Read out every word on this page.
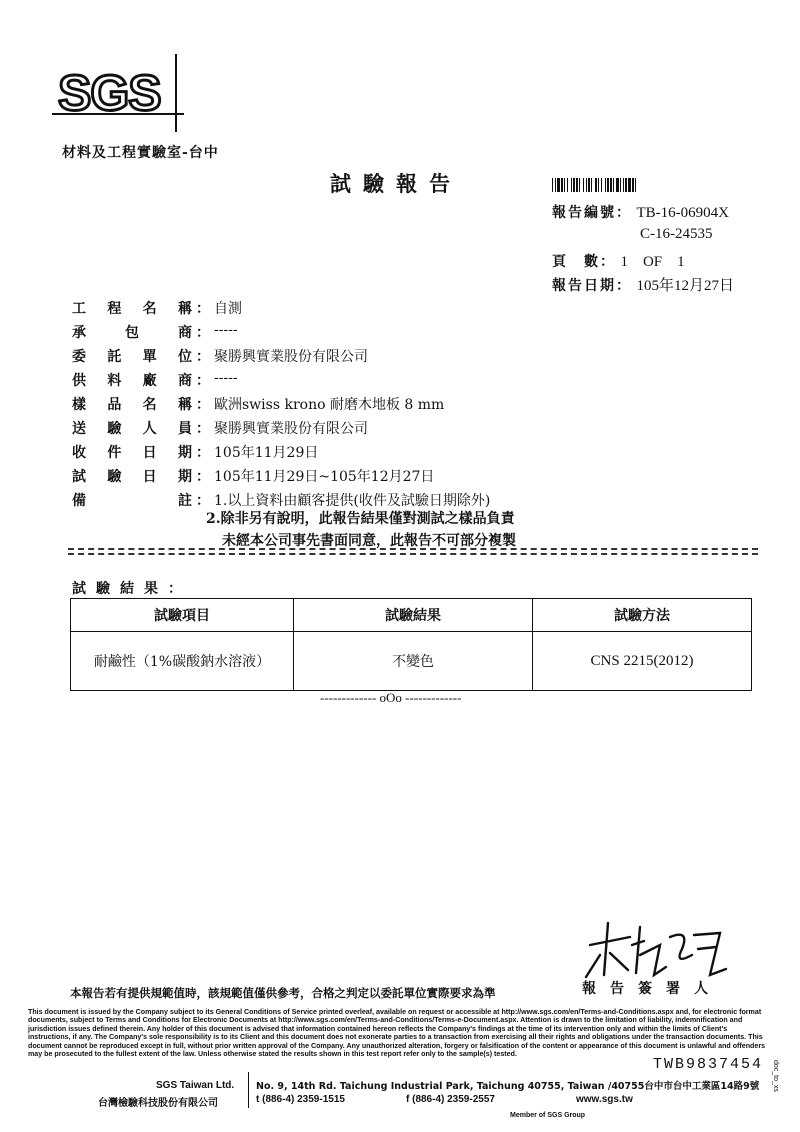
SGS
材料及工程實驗室-台中
試驗報告
報告編號： TB-16-06904X
C-16-24535
頁　數： 1　OF　1
報告日期： 105年12月27日
工 程 名 稱 ： 自測
承	包	商 ： -----
委 託 單 位 ： 聚勝興實業股份有限公司
供 料 廠 商 ： -----
樣 品 名 稱 ： 歐洲swiss krono 耐磨木地板 8 mm
送 驗 人 員 ： 聚勝興實業股份有限公司
收 件 日 期 ： 105年11月29日
試 驗 日 期 ： 105年11月29日~105年12月27日
備	註 ： 1.以上資料由顧客提供(收件及試驗日期除外)
2.除非另有說明，此報告結果僅對測試之樣品負責
未經本公司事先書面同意，此報告不可部分複製
試驗結果：
試驗項目	試驗結果	試驗方法
耐鹼性（1%碳酸鈉水溶液）	不變色	CNS 2215(2012)
------------- oOo -------------
本報告若有提供規範值時，該規範值僅供參考，合格之判定以委託單位實際要求為準	報告簽署人
This document is issued by the Company subject to its General Conditions of Service printed overleaf, available on request or accessible at http://www.sgs.com/en/Terms-and-Conditions.aspx and, for electronic format documents, subject to Terms and Conditions for Electronic Documents at http://www.sgs.com/en/Terms-and-Conditions/Terms-e-Document.aspx. Attention is drawn to the limitation of liability, indemnification and jurisdiction issues defined therein. Any holder of this document is advised that information contained hereon reflects the Company's findings at the time of its intervention only and within the limits of Client's instructions, if any. The Company's sole responsibility is to its Client and this document does not exonerate parties to a transaction from exercising all their rights and obligations under the transaction documents. This document cannot be reproduced except in full, without prior written approval of the Company. Any unauthorized alteration, forgery or falsification of the content or appearance of this document is unlawful and offenders may be prosecuted to the fullest extent of the law. Unless otherwise stated the results shown in this test report refer only to the sample(s) tested.
TWB9837454
SGS Taiwan Ltd.
台灣檢驗科技股份有限公司
No. 9, 14th Rd. Taichung Industrial Park, Taichung 40755, Taiwan /40755台中市台中工業區14路9號
t (886-4) 2359-1515	f (886-4) 2359-2557	www.sgs.tw
Member of SGS Group
doc_to_xs
